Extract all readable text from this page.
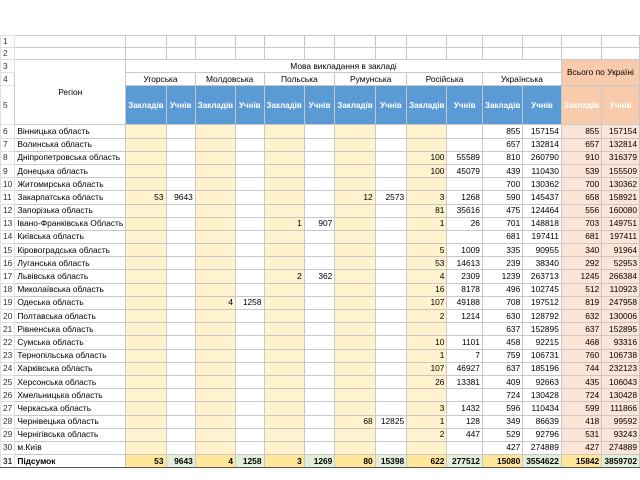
1															
2															
3	Регіон	Мова викладання в закладі												Всього по Україні	
4		Угорська		Молдовська		Польська		Румунська		Російська		Українська			
5		Закладів	Учнів	Закладів	Учнів	Закладів	Учнів	Закладів	Учнів	Закладів	Учнів	Закладів	Учнів	Закладів	Учнів
6	Вінницька область											855	157154	855	157154
7	Волинська область											657	132814	657	132814
8	Дніпропетровська область									100	55589	810	260790	910	316379
9	Донецька область									100	45079	439	110430	539	155509
10	Житомирська область											700	130362	700	130362
11	Закарпатська область	53	9643					12	2573	3	1268	590	145437	658	158921
12	Запорізька область									81	35616	475	124464	556	160080
13	Івано-Франківська Область					1	907			1	26	701	148818	703	149751
14	Київська область											681	197411	681	197411
15	Кіровоградська область									5	1009	335	90955	340	91964
16	Луганська область									53	14613	239	38340	292	52953
17	Львівська область					2	362			4	2309	1239	263713	1245	266384
18	Миколаївська область									16	8178	496	102745	512	110923
19	Одеська область			4	1258					107	49188	708	197512	819	247958
20	Полтавська область									2	1214	630	128792	632	130006
21	Рівненська область											637	152895	637	152895
22	Сумська область									10	1101	458	92215	468	93316
23	Тернопільська область									1	7	759	106731	760	106738
24	Харківська область									107	46927	637	185196	744	232123
25	Херсонська область									26	13381	409	92663	435	106043
26	Хмельницька область											724	130428	724	130428
27	Черкаська область									3	1432	596	110434	599	111866
28	Чернівецька область							68	12825	1	128	349	86639	418	99592
29	Чернігівська область									2	447	529	92796	531	93243
30	м.Київ											427	274889	427	274889
31	Підсумок	53	9643	4	1258	3	1269	80	15398	622	277512	15080	3554622	15842	3859702
